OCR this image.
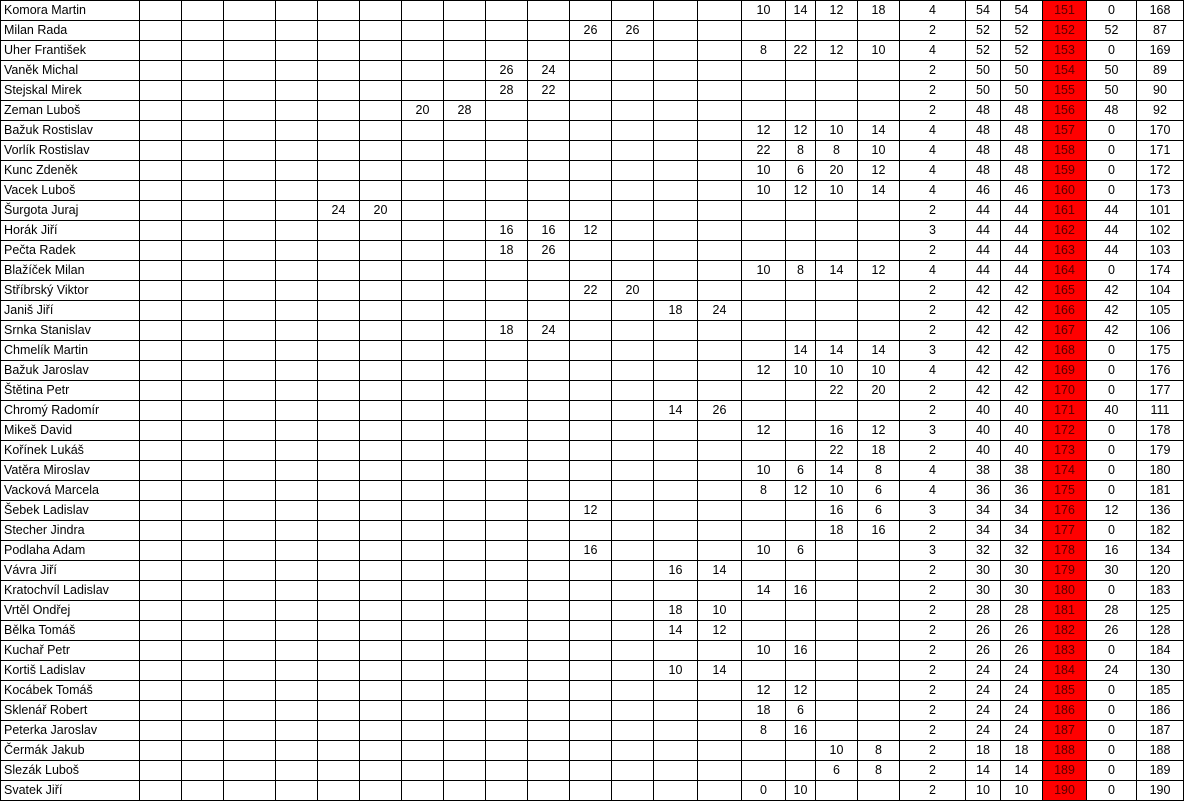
Komora Martin															10	14	12	18	4	54	54	151	0	168
Milan Rada											26	26							2	52	52	152	52	87
Uher František															8	22	12	10	4	52	52	153	0	169
Vaněk Michal									26	24									2	50	50	154	50	89
Stejskal Mirek									28	22									2	50	50	155	50	90
Zeman Luboš							20	28											2	48	48	156	48	92
Bažuk Rostislav															12	12	10	14	4	48	48	157	0	170
Vorlík Rostislav															22	8	8	10	4	48	48	158	0	171
Kunc Zdeněk															10	6	20	12	4	48	48	159	0	172
Vacek Luboš															10	12	10	14	4	46	46	160	0	173
Šurgota Juraj					24	20													2	44	44	161	44	101
Horák Jiří									16	16	12								3	44	44	162	44	102
Pečta Radek									18	26									2	44	44	163	44	103
Blažíček Milan															10	8	14	12	4	44	44	164	0	174
Stříbrský Viktor											22	20							2	42	42	165	42	104
Janiš Jiří													18	24					2	42	42	166	42	105
Srnka Stanislav									18	24									2	42	42	167	42	106
Chmelík Martin																14	14	14	3	42	42	168	0	175
Bažuk Jaroslav															12	10	10	10	4	42	42	169	0	176
Štětina Petr																	22	20	2	42	42	170	0	177
Chromý Radomír													14	26					2	40	40	171	40	111
Mikeš David															12		16	12	3	40	40	172	0	178
Kořínek Lukáš																	22	18	2	40	40	173	0	179
Vatěra Miroslav															10	6	14	8	4	38	38	174	0	180
Vacková Marcela															8	12	10	6	4	36	36	175	0	181
Šebek Ladislav											12						16	6	3	34	34	176	12	136
Stecher Jindra																	18	16	2	34	34	177	0	182
Podlaha Adam											16				10	6			3	32	32	178	16	134
Vávra Jiří													16	14					2	30	30	179	30	120
Kratochvíl Ladislav															14	16			2	30	30	180	0	183
Vrtěl Ondřej													18	10					2	28	28	181	28	125
Bělka Tomáš													14	12					2	26	26	182	26	128
Kuchař Petr															10	16			2	26	26	183	0	184
Kortiš Ladislav													10	14					2	24	24	184	24	130
Kocábek Tomáš															12	12			2	24	24	185	0	185
Sklenář Robert															18	6			2	24	24	186	0	186
Peterka Jaroslav															8	16			2	24	24	187	0	187
Čermák Jakub																	10	8	2	18	18	188	0	188
Slezák Luboš																	6	8	2	14	14	189	0	189
Svatek Jiří															0	10			2	10	10	190	0	190
